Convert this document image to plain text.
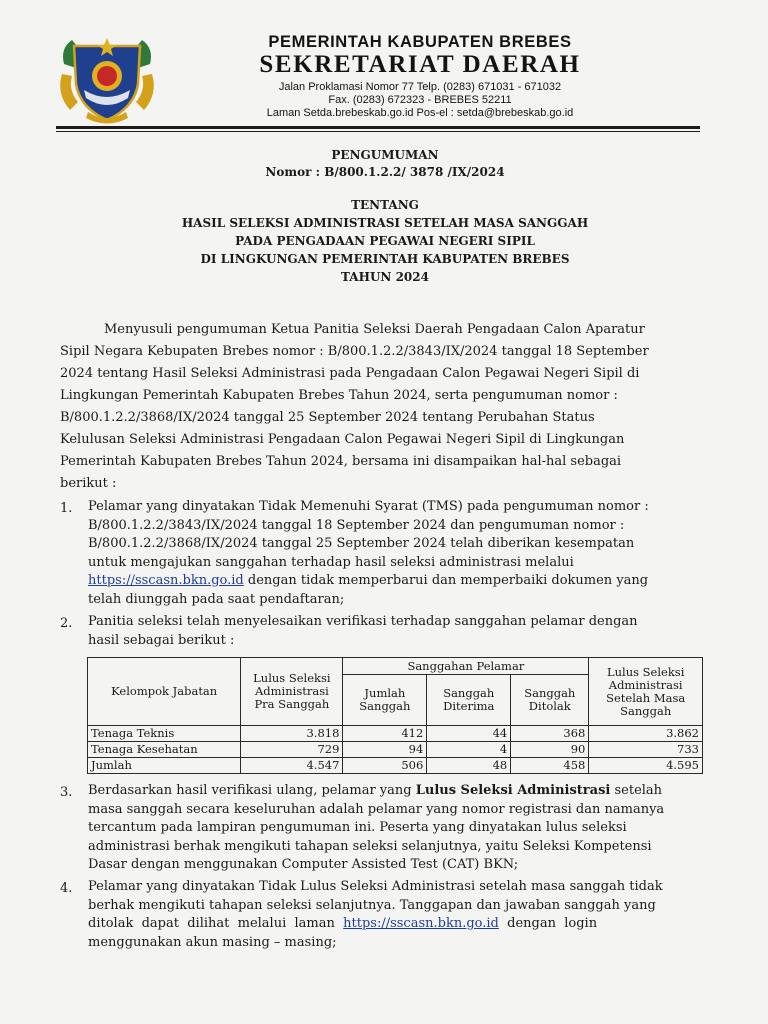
PEMERINTAH KABUPATEN BREBES
SEKRETARIAT DAERAH
Jalan Proklamasi Nomor 77 Telp. (0283) 671031 - 671032
Fax. (0283) 672323 - BREBES 52211
Laman Setda.brebeskab.go.id Pos-el : setda@brebeskab.go.id
PENGUMUMAN
Nomor : B/800.1.2.2/ 3878 /IX/2024
TENTANG
HASIL SELEKSI ADMINISTRASI SETELAH MASA SANGGAH
PADA PENGADAAN PEGAWAI NEGERI SIPIL
DI LINGKUNGAN PEMERINTAH KABUPATEN BREBES
TAHUN 2024
Menyusuli pengumuman Ketua Panitia Seleksi Daerah Pengadaan Calon Aparatur
Sipil Negara Kebupaten Brebes nomor : B/800.1.2.2/3843/IX/2024 tanggal 18 September
2024 tentang Hasil Seleksi Administrasi pada Pengadaan Calon Pegawai Negeri Sipil di
Lingkungan Pemerintah Kabupaten Brebes Tahun 2024, serta pengumuman nomor :
B/800.1.2.2/3868/IX/2024 tanggal 25 September 2024 tentang Perubahan Status
Kelulusan Seleksi Administrasi Pengadaan Calon Pegawai Negeri Sipil di Lingkungan
Pemerintah Kabupaten Brebes Tahun 2024, bersama ini disampaikan hal-hal sebagai
berikut :
1. Pelamar yang dinyatakan Tidak Memenuhi Syarat (TMS) pada pengumuman nomor :
B/800.1.2.2/3843/IX/2024 tanggal 18 September 2024 dan pengumuman nomor :
B/800.1.2.2/3868/IX/2024 tanggal 25 September 2024 telah diberikan kesempatan
untuk mengajukan sanggahan terhadap hasil seleksi administrasi melalui
https://sscasn.bkn.go.id dengan tidak memperbarui dan memperbaiki dokumen yang
telah diunggah pada saat pendaftaran;
2. Panitia seleksi telah menyelesaikan verifikasi terhadap sanggahan pelamar dengan
hasil sebagai berikut :
Kelompok Jabatan	Lulus Seleksi Administrasi Pra Sanggah	Sanggahan Pelamar			Lulus Seleksi Administrasi Setelah Masa Sanggah
		Jumlah Sanggah	Sanggah Diterima	Sanggah Ditolak	
Tenaga Teknis	3.818	412	44	368	3.862
Tenaga Kesehatan	729	94	4	90	733
Jumlah	4.547	506	48	458	4.595
3. Berdasarkan hasil verifikasi ulang, pelamar yang Lulus Seleksi Administrasi setelah
masa sanggah secara keseluruhan adalah pelamar yang nomor registrasi dan namanya
tercantum pada lampiran pengumuman ini. Peserta yang dinyatakan lulus seleksi
administrasi berhak mengikuti tahapan seleksi selanjutnya, yaitu Seleksi Kompetensi
Dasar dengan menggunakan Computer Assisted Test (CAT) BKN;
4. Pelamar yang dinyatakan Tidak Lulus Seleksi Administrasi setelah masa sanggah tidak
berhak mengikuti tahapan seleksi selanjutnya. Tanggapan dan jawaban sanggah yang
ditolak  dapat  dilihat  melalui  laman  https://sscasn.bkn.go.id  dengan  login
menggunakan akun masing – masing;
